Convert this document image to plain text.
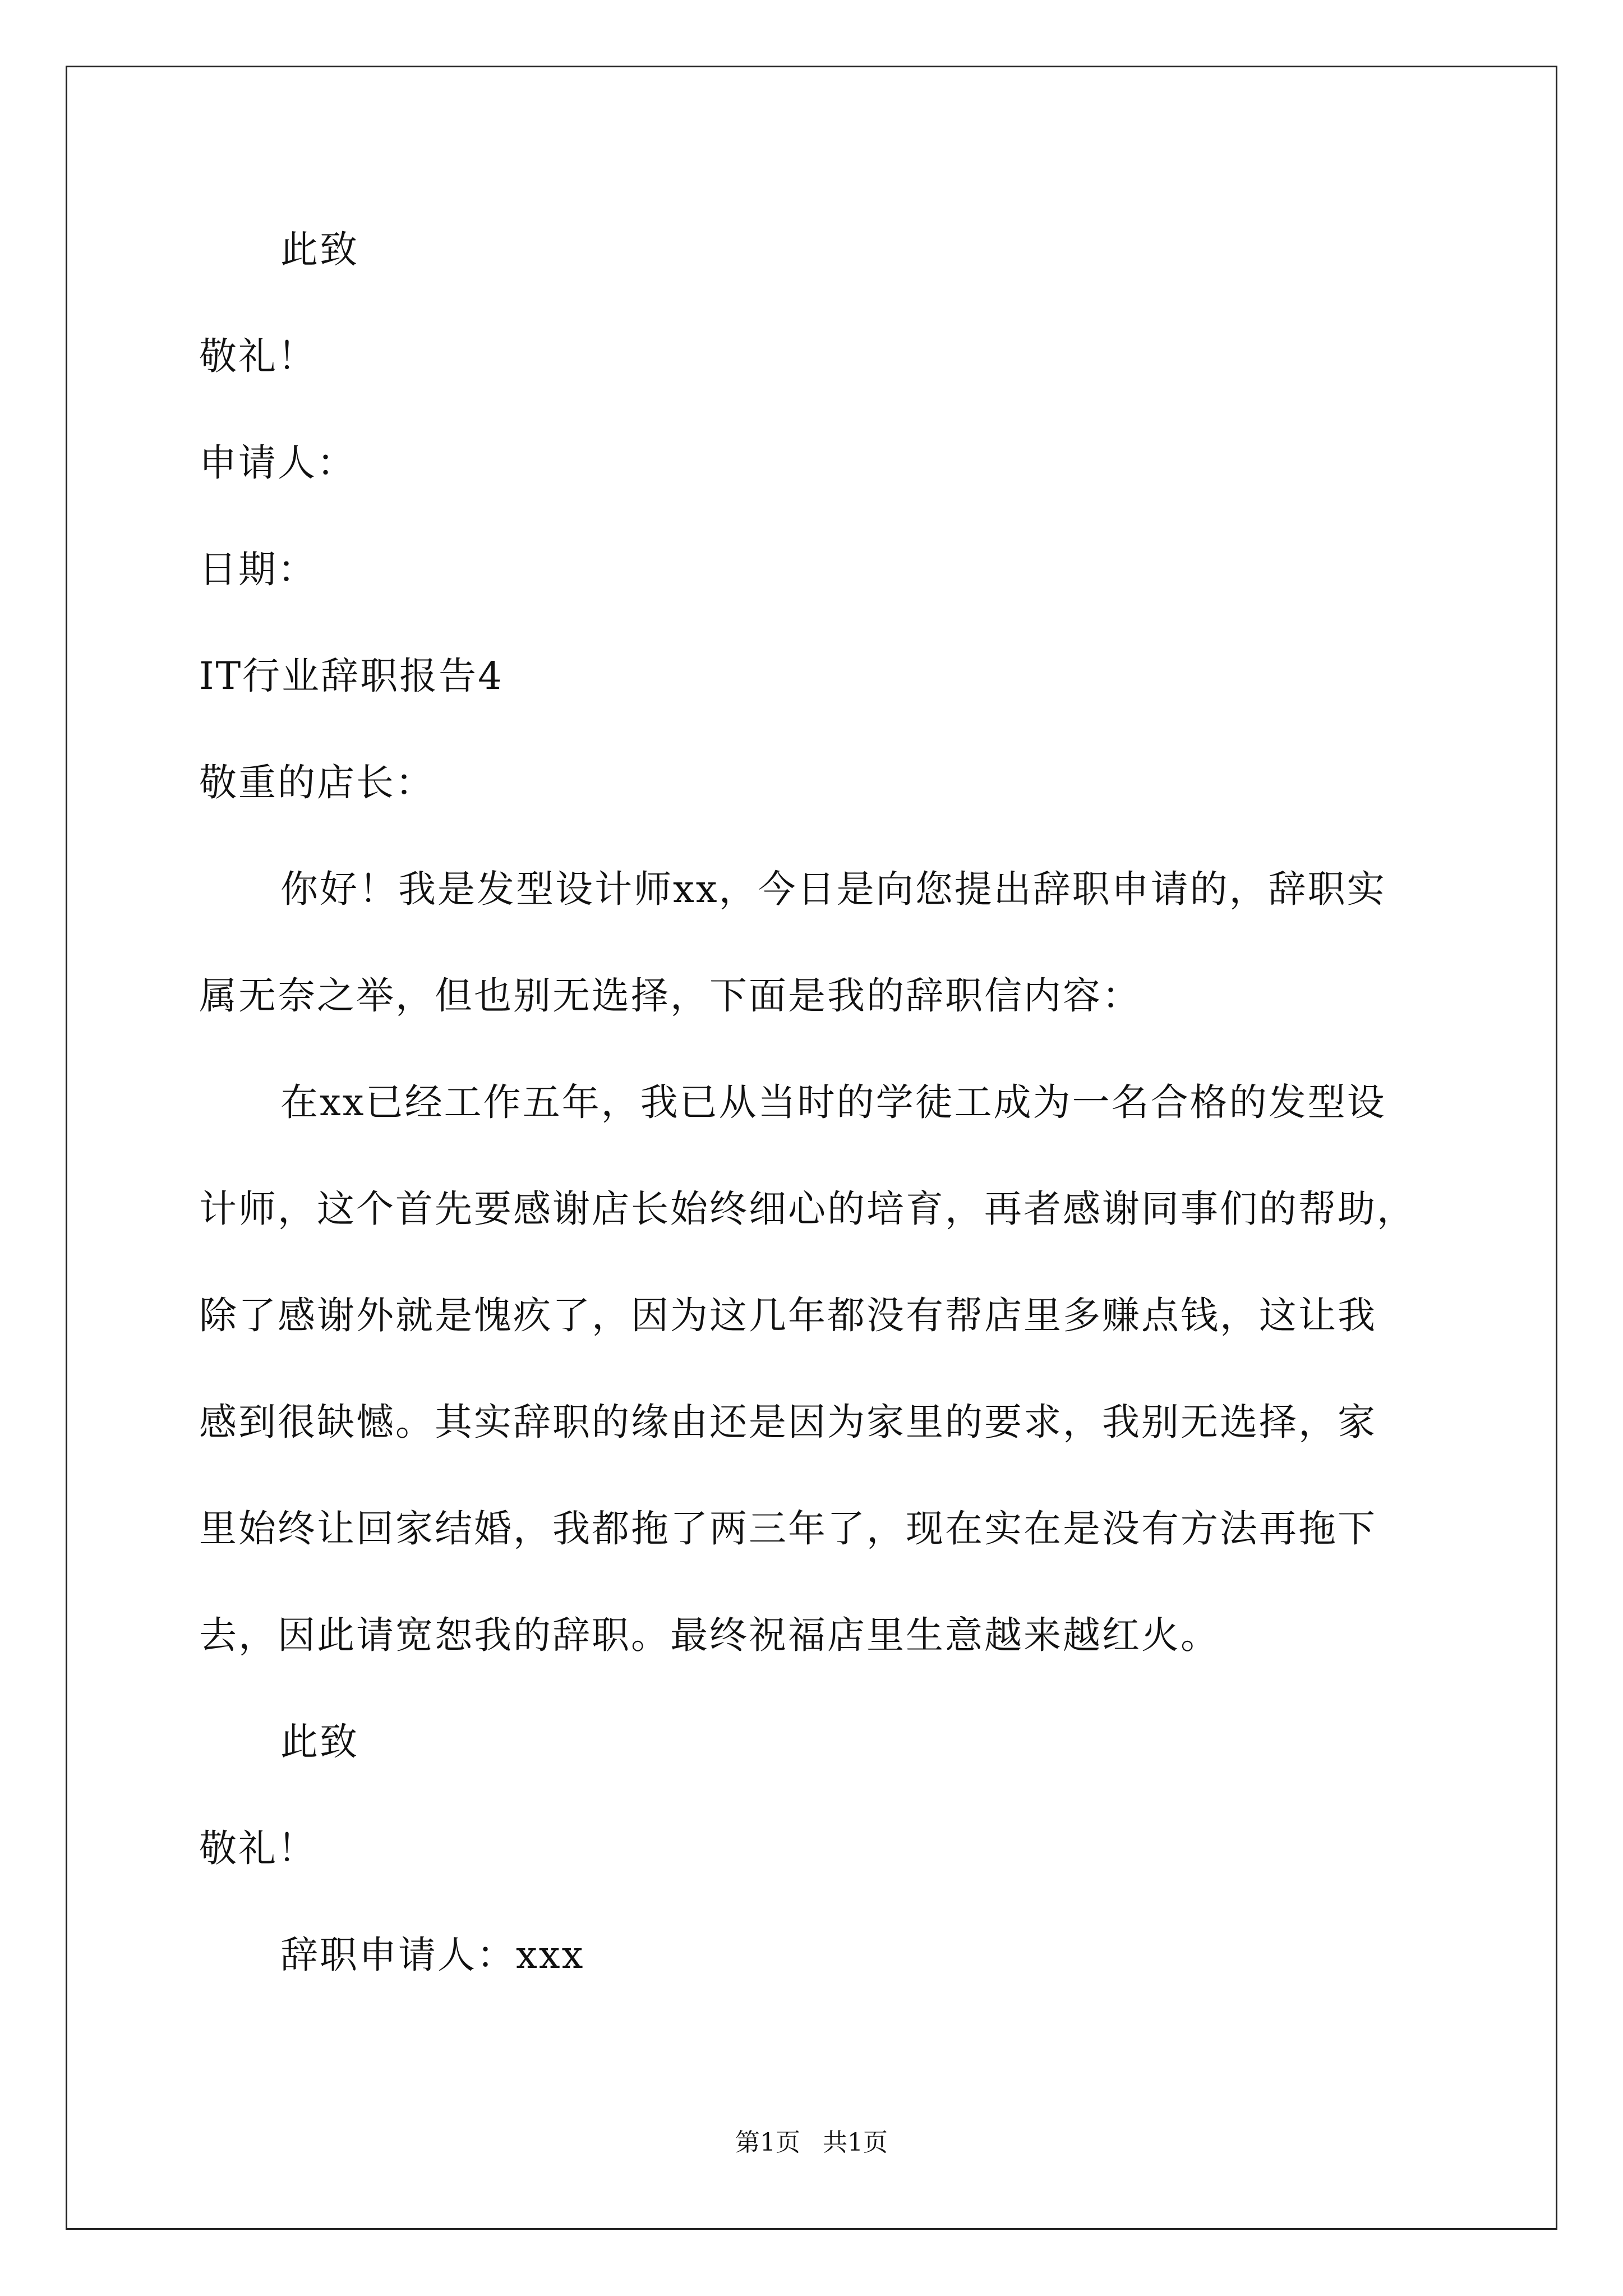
此致
敬礼！
申请人：
日期：
IT行业辞职报告4
敬重的店长：
你好！我是发型设计师xx，今日是向您提出辞职申请的，辞职实
属无奈之举，但也别无选择，下面是我的辞职信内容：
在xx已经工作五年，我已从当时的学徒工成为一名合格的发型设
计师，这个首先要感谢店长始终细心的培育，再者感谢同事们的帮助，
除了感谢外就是愧疚了，因为这几年都没有帮店里多赚点钱，这让我
感到很缺憾。其实辞职的缘由还是因为家里的要求，我别无选择，家
里始终让回家结婚，我都拖了两三年了，现在实在是没有方法再拖下
去，因此请宽恕我的辞职。最终祝福店里生意越来越红火。
此致
敬礼！
辞职申请人：xxx
第1页 共1页
